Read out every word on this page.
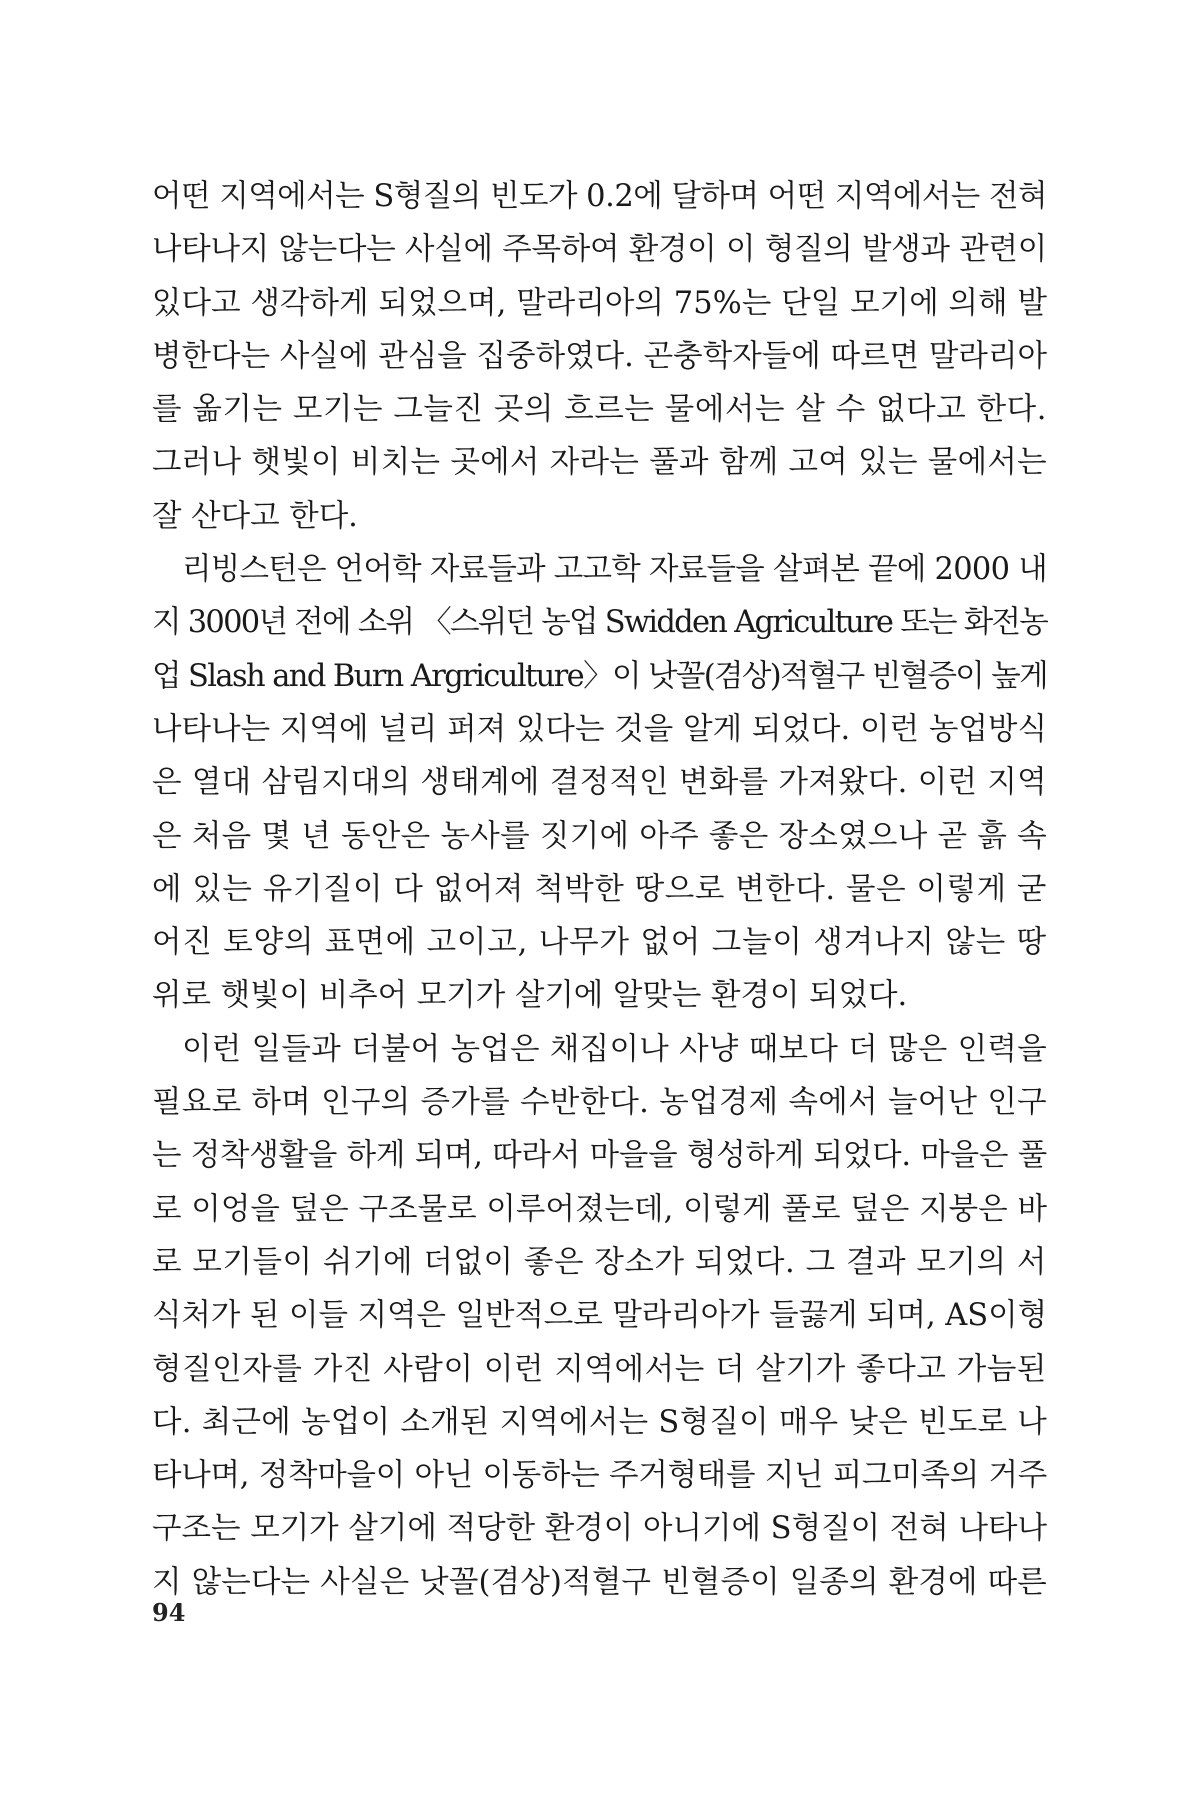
어떤 지역에서는 S형질의 빈도가 0.2에 달하며 어떤 지역에서는 전혀
나타나지 않는다는 사실에 주목하여 환경이 이 형질의 발생과 관련이
있다고 생각하게 되었으며, 말라리아의 75%는 단일 모기에 의해 발
병한다는 사실에 관심을 집중하였다. 곤충학자들에 따르면 말라리아
를 옮기는 모기는 그늘진 곳의 흐르는 물에서는 살 수 없다고 한다.
그러나 햇빛이 비치는 곳에서 자라는 풀과 함께 고여 있는 물에서는
잘 산다고 한다.
리빙스턴은 언어학 자료들과 고고학 자료들을 살펴본 끝에 2000 내
지 3000년 전에 소위 〈스위던 농업 Swidden Agriculture 또는 화전농
업 Slash and Burn Argriculture〉이 낫꼴(겸상)적혈구 빈혈증이 높게
나타나는 지역에 널리 퍼져 있다는 것을 알게 되었다. 이런 농업방식
은 열대 삼림지대의 생태계에 결정적인 변화를 가져왔다. 이런 지역
은 처음 몇 년 동안은 농사를 짓기에 아주 좋은 장소였으나 곧 흙 속
에 있는 유기질이 다 없어져 척박한 땅으로 변한다. 물은 이렇게 굳
어진 토양의 표면에 고이고, 나무가 없어 그늘이 생겨나지 않는 땅
위로 햇빛이 비추어 모기가 살기에 알맞는 환경이 되었다.
이런 일들과 더불어 농업은 채집이나 사냥 때보다 더 많은 인력을
필요로 하며 인구의 증가를 수반한다. 농업경제 속에서 늘어난 인구
는 정착생활을 하게 되며, 따라서 마을을 형성하게 되었다. 마을은 풀
로 이엉을 덮은 구조물로 이루어졌는데, 이렇게 풀로 덮은 지붕은 바
로 모기들이 쉬기에 더없이 좋은 장소가 되었다. 그 결과 모기의 서
식처가 된 이들 지역은 일반적으로 말라리아가 들끓게 되며, AS이형
형질인자를 가진 사람이 이런 지역에서는 더 살기가 좋다고 가늠된
다. 최근에 농업이 소개된 지역에서는 S형질이 매우 낮은 빈도로 나
타나며, 정착마을이 아닌 이동하는 주거형태를 지닌 피그미족의 거주
구조는 모기가 살기에 적당한 환경이 아니기에 S형질이 전혀 나타나
지 않는다는 사실은 낫꼴(겸상)적혈구 빈혈증이 일종의 환경에 따른
94
